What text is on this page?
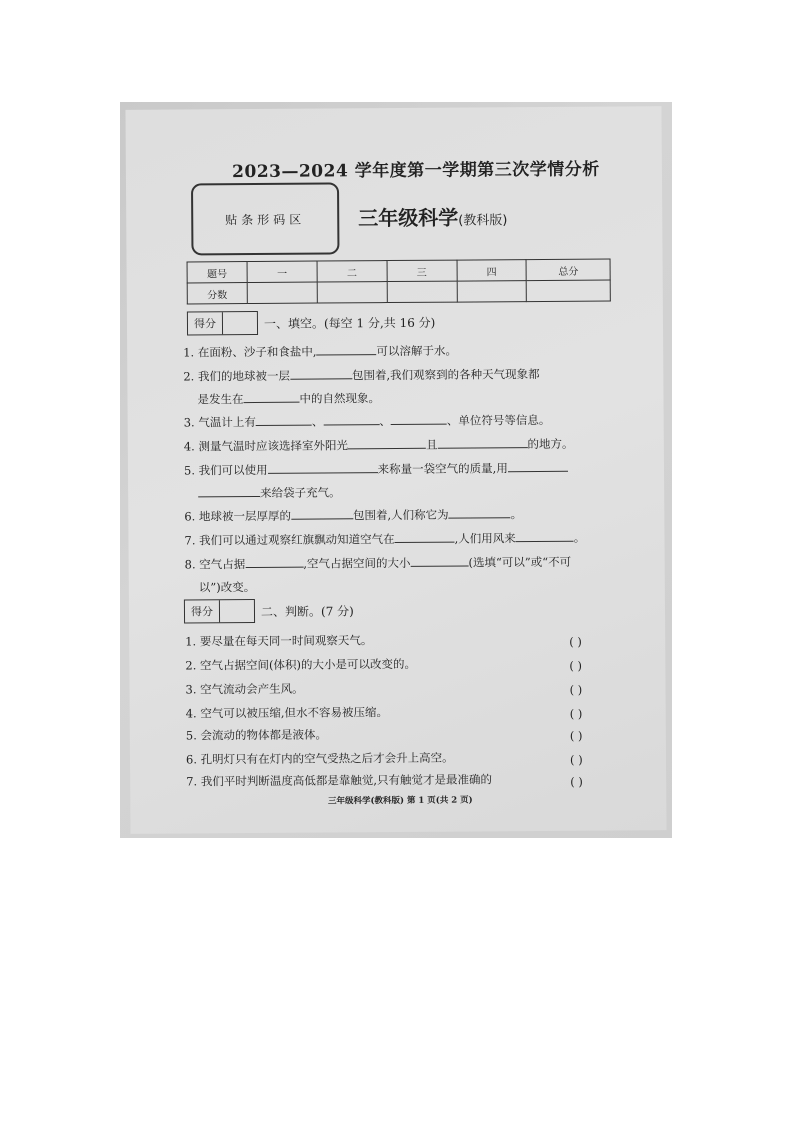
2023—2024 学年度第一学期第三次学情分析
贴条形码区	三年级科学(教科版)
题号	一	二	三	四	总分
分数					
得分	一、填空。(每空 1 分,共 16 分)
1. 在面粉、沙子和食盐中,	可以溶解于水。
2. 我们的地球被一层	包围着,我们观察到的各种天气现象都
是发生在	中的自然现象。
3. 气温计上有	、	、	、单位符号等信息。
4. 测量气温时应该选择室外阳光	且	的地方。
5. 我们可以使用	来称量一袋空气的质量,用
来给袋子充气。
6. 地球被一层厚厚的	包围着,人们称它为	。
7. 我们可以通过观察红旗飘动知道空气在	,人们用风来	。
8. 空气占据	,空气占据空间的大小	(选填“可以”或“不可
以”)改变。
得分	二、判断。(7 分)
1. 要尽量在每天同一时间观察天气。	( )
2. 空气占据空间(体积)的大小是可以改变的。	( )
3. 空气流动会产生风。	( )
4. 空气可以被压缩,但水不容易被压缩。	( )
5. 会流动的物体都是液体。	( )
6. 孔明灯只有在灯内的空气受热之后才会升上高空。	( )
7. 我们平时判断温度高低都是靠触觉,只有触觉才是最准确的	( )
三年级科学(教科版) 第 1 页(共 2 页)
